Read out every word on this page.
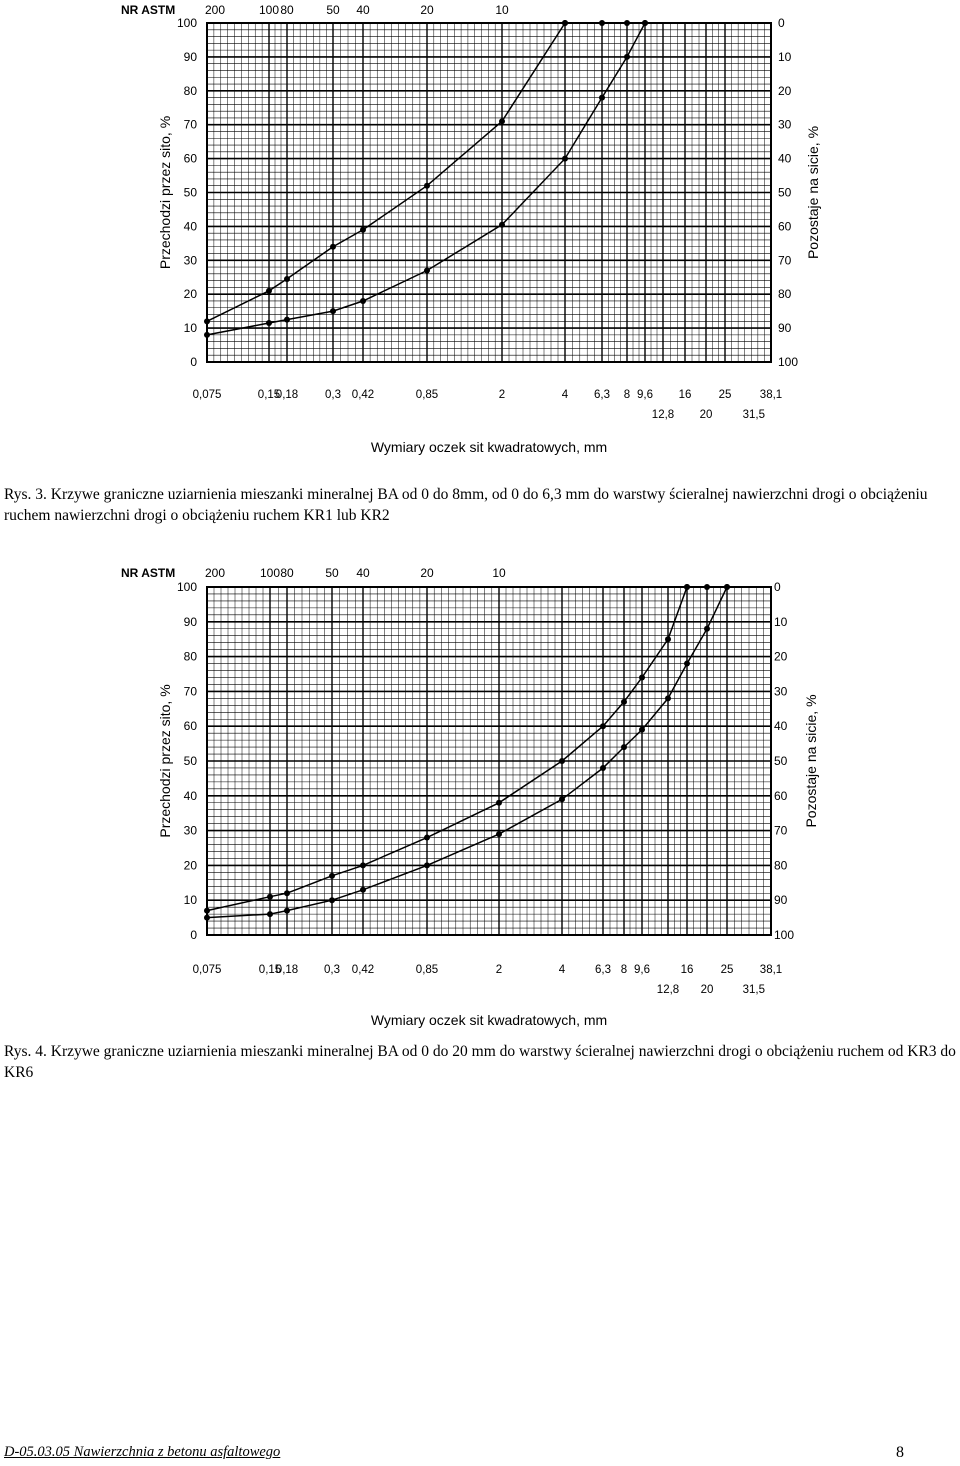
NR ASTM 200	100 80	50 40	20	10
0
10
20
30
40
50
60
70
80
90
100
100
90
80
70
60
50
40
30
20
10
0
0,075	0,15
0,18 0,3 0,42	0,85	2	4 6,3 8 9,6 16 25 38,1
12,8 20	31,5
Wymiary oczek sit kwadratowych, mm
Przechodzi przez sito, %	Pozostaje na sicie, %
Rys. 3. Krzywe graniczne uziarnienia mieszanki mineralnej BA od 0 do 8mm, od 0 do 6,3 mm do warstwy ścieralnej nawierzchni drogi o obciążeniu ruchem nawierzchni drogi o obciążeniu ruchem KR1 lub KR2
NR ASTM 200	100 80	50 40	20	10
0
10
20
30
40
50
60
70
80
90
100
100
90
80
70
60
50
40
30
20
10
0
0,075	0,15
0,18 0,3 0,42	0,85	2	4	6,3 8 9,6	16 25 38,1
12,8 20	31,5
Wymiary oczek sit kwadratowych, mm
Przechodzi przez sito, %	Pozostaje na sicie, %
Rys. 4. Krzywe graniczne uziarnienia mieszanki mineralnej BA od 0 do 20 mm do warstwy ścieralnej nawierzchni drogi o obciążeniu ruchem od KR3 do KR6
D-05.03.05 Nawierzchnia z betonu asfaltowego	8
